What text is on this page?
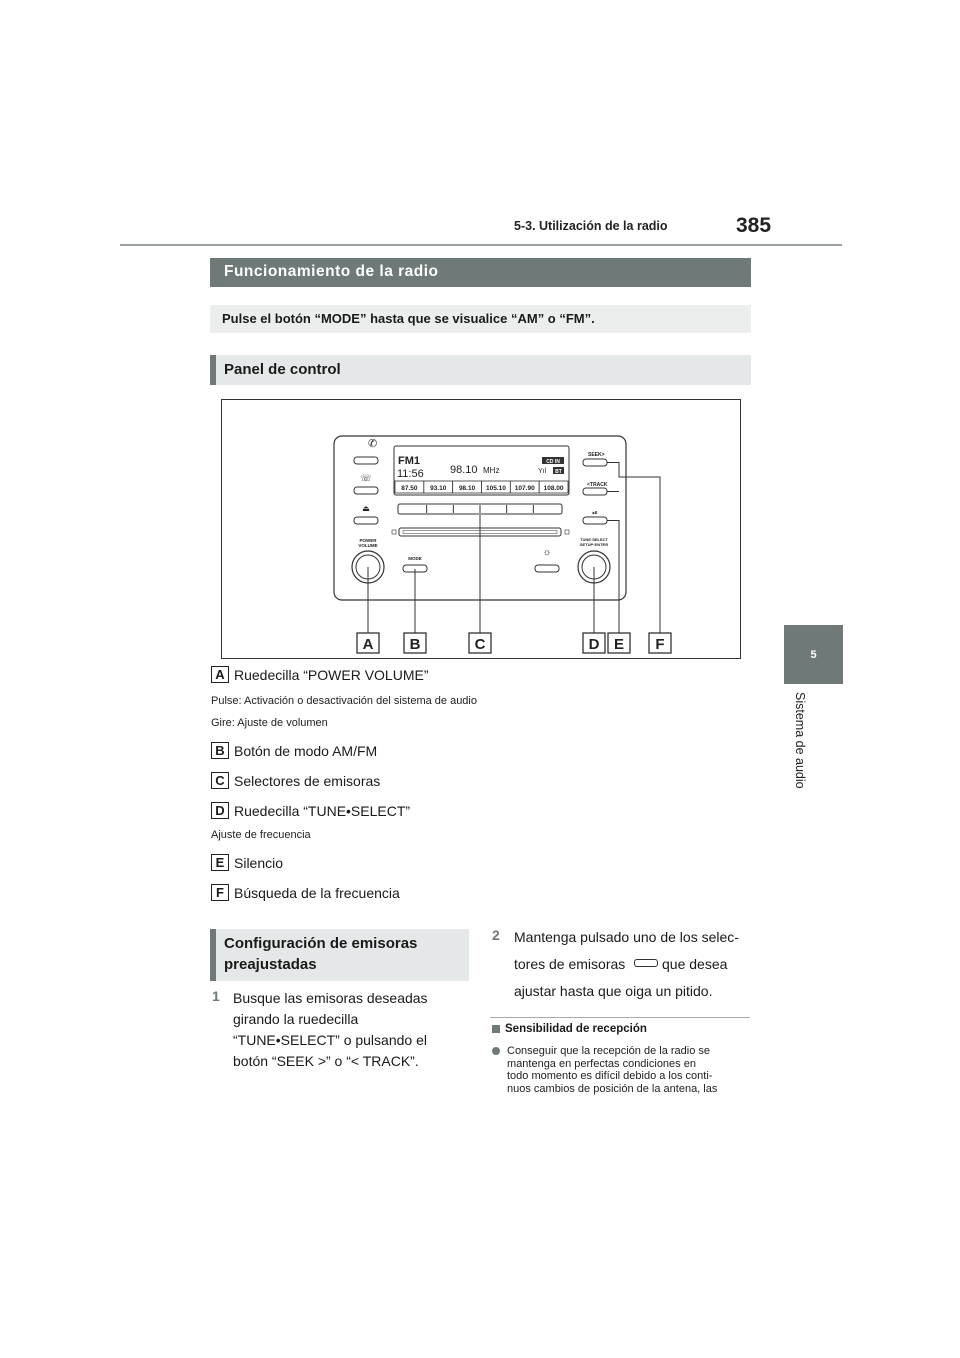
5-3. Utilización de la radio	385
5
Sistema de audio
Funcionamiento de la radio
Pulse el botón “MODE” hasta que se visualice “AM” o “FM”.
Panel de control
✆
☏
⏏
POWER
VOLUME
FM1
11:56 98.10 MHz
CD IN
Yıl BT
87.50 93.10 98.10 105.10 107.90 108.00
MODE
☼
SEEK>
<TRACK
⏯
TUNE·SELECT
SETUP·ENTER
A B	C	D E F
A Ruedecilla “POWER VOLUME”
Pulse: Activación o desactivación del sistema de audio
Gire: Ajuste de volumen
B Botón de modo AM/FM
C Selectores de emisoras
D Ruedecilla “TUNE•SELECT”
Ajuste de frecuencia
E Silencio
F Búsqueda de la frecuencia
Configuración de emisoras
preajustadas
1 Busque las emisoras deseadas
girando la ruedecilla
“TUNE•SELECT” o pulsando el
botón “SEEK >” o “< TRACK”.
2 Mantenga pulsado uno de los selec-
tores de emisoras	que desea
ajustar hasta que oiga un pitido.
Sensibilidad de recepción
Conseguir que la recepción de la radio se
mantenga en perfectas condiciones en
todo momento es difícil debido a los conti-
nuos cambios de posición de la antena, las
